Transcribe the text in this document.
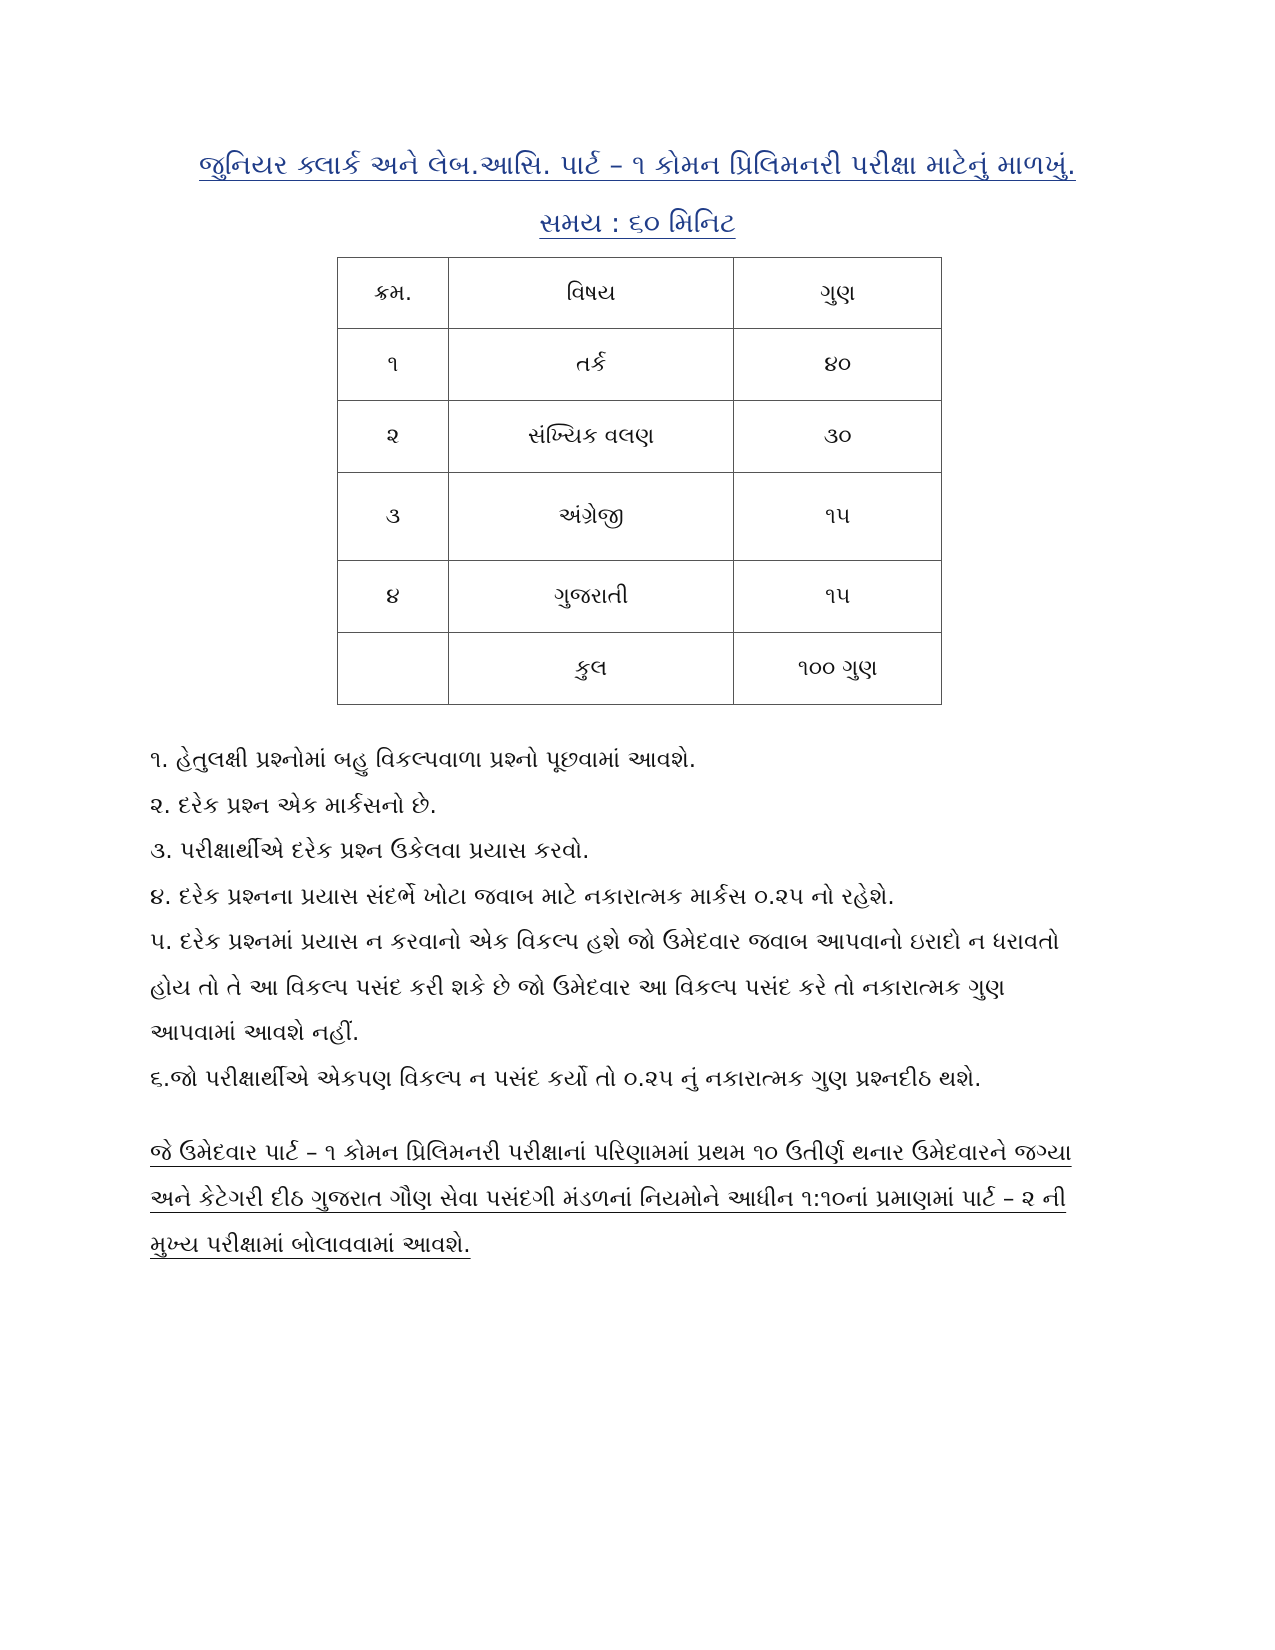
જુનિયર ક્લાર્ક અને લેબ.આસિ. પાર્ટ – ૧ કોમન પ્રિલિમનરી પરીક્ષા માટેનું માળખું.
સમય : ૬૦ મિનિટ
ક્રમ.	વિષય	ગુણ
૧	તર્ક	૪૦
૨	સંખ્યિક વલણ	૩૦
૩	અંગ્રેજી	૧૫
૪	ગુજરાતી	૧૫
	કુલ	૧૦૦ ગુણ

૧. હેતુલક્ષી પ્રશ્નોમાં બહુ વિકલ્પવાળા પ્રશ્નો પૂછવામાં આવશે.

૨. દરેક પ્રશ્ન એક માર્કસનો છે.

૩. પરીક્ષાર્થીએ દરેક પ્રશ્ન ઉકેલવા પ્રયાસ કરવો.

૪. દરેક પ્રશ્નના પ્રયાસ સંદર્ભે ખોટા જવાબ માટે નકારાત્મક માર્કસ ૦.૨૫ નો રહેશે.

૫. દરેક પ્રશ્નમાં પ્રયાસ ન કરવાનો એક વિકલ્પ હશે જો ઉમેદવાર જવાબ આપવાનો ઇરાદો ન ધરાવતો હોય તો તે આ વિકલ્પ પસંદ કરી શકે છે જો ઉમેદવાર આ વિકલ્પ પસંદ કરે તો નકારાત્મક ગુણ આપવામાં આવશે નહીં.

૬.જો પરીક્ષાર્થીએ એકપણ વિકલ્પ ન પસંદ કર્યો તો ૦.૨૫ નું નકારાત્મક ગુણ પ્રશ્નદીઠ થશે.

જે ઉમેદવાર પાર્ટ – ૧ કોમન પ્રિલિમનરી પરીક્ષાનાં પરિણામમાં પ્રથમ ૧૦ ઉતીર્ણ થનાર ઉમેદવારને જગ્યા અને કેટેગરી દીઠ ગુજરાત ગૌણ સેવા પસંદગી મંડળનાં નિયમોને આધીન ૧:૧૦નાં પ્રમાણમાં પાર્ટ – ૨ ની મુખ્ય પરીક્ષામાં બોલાવવામાં આવશે.
